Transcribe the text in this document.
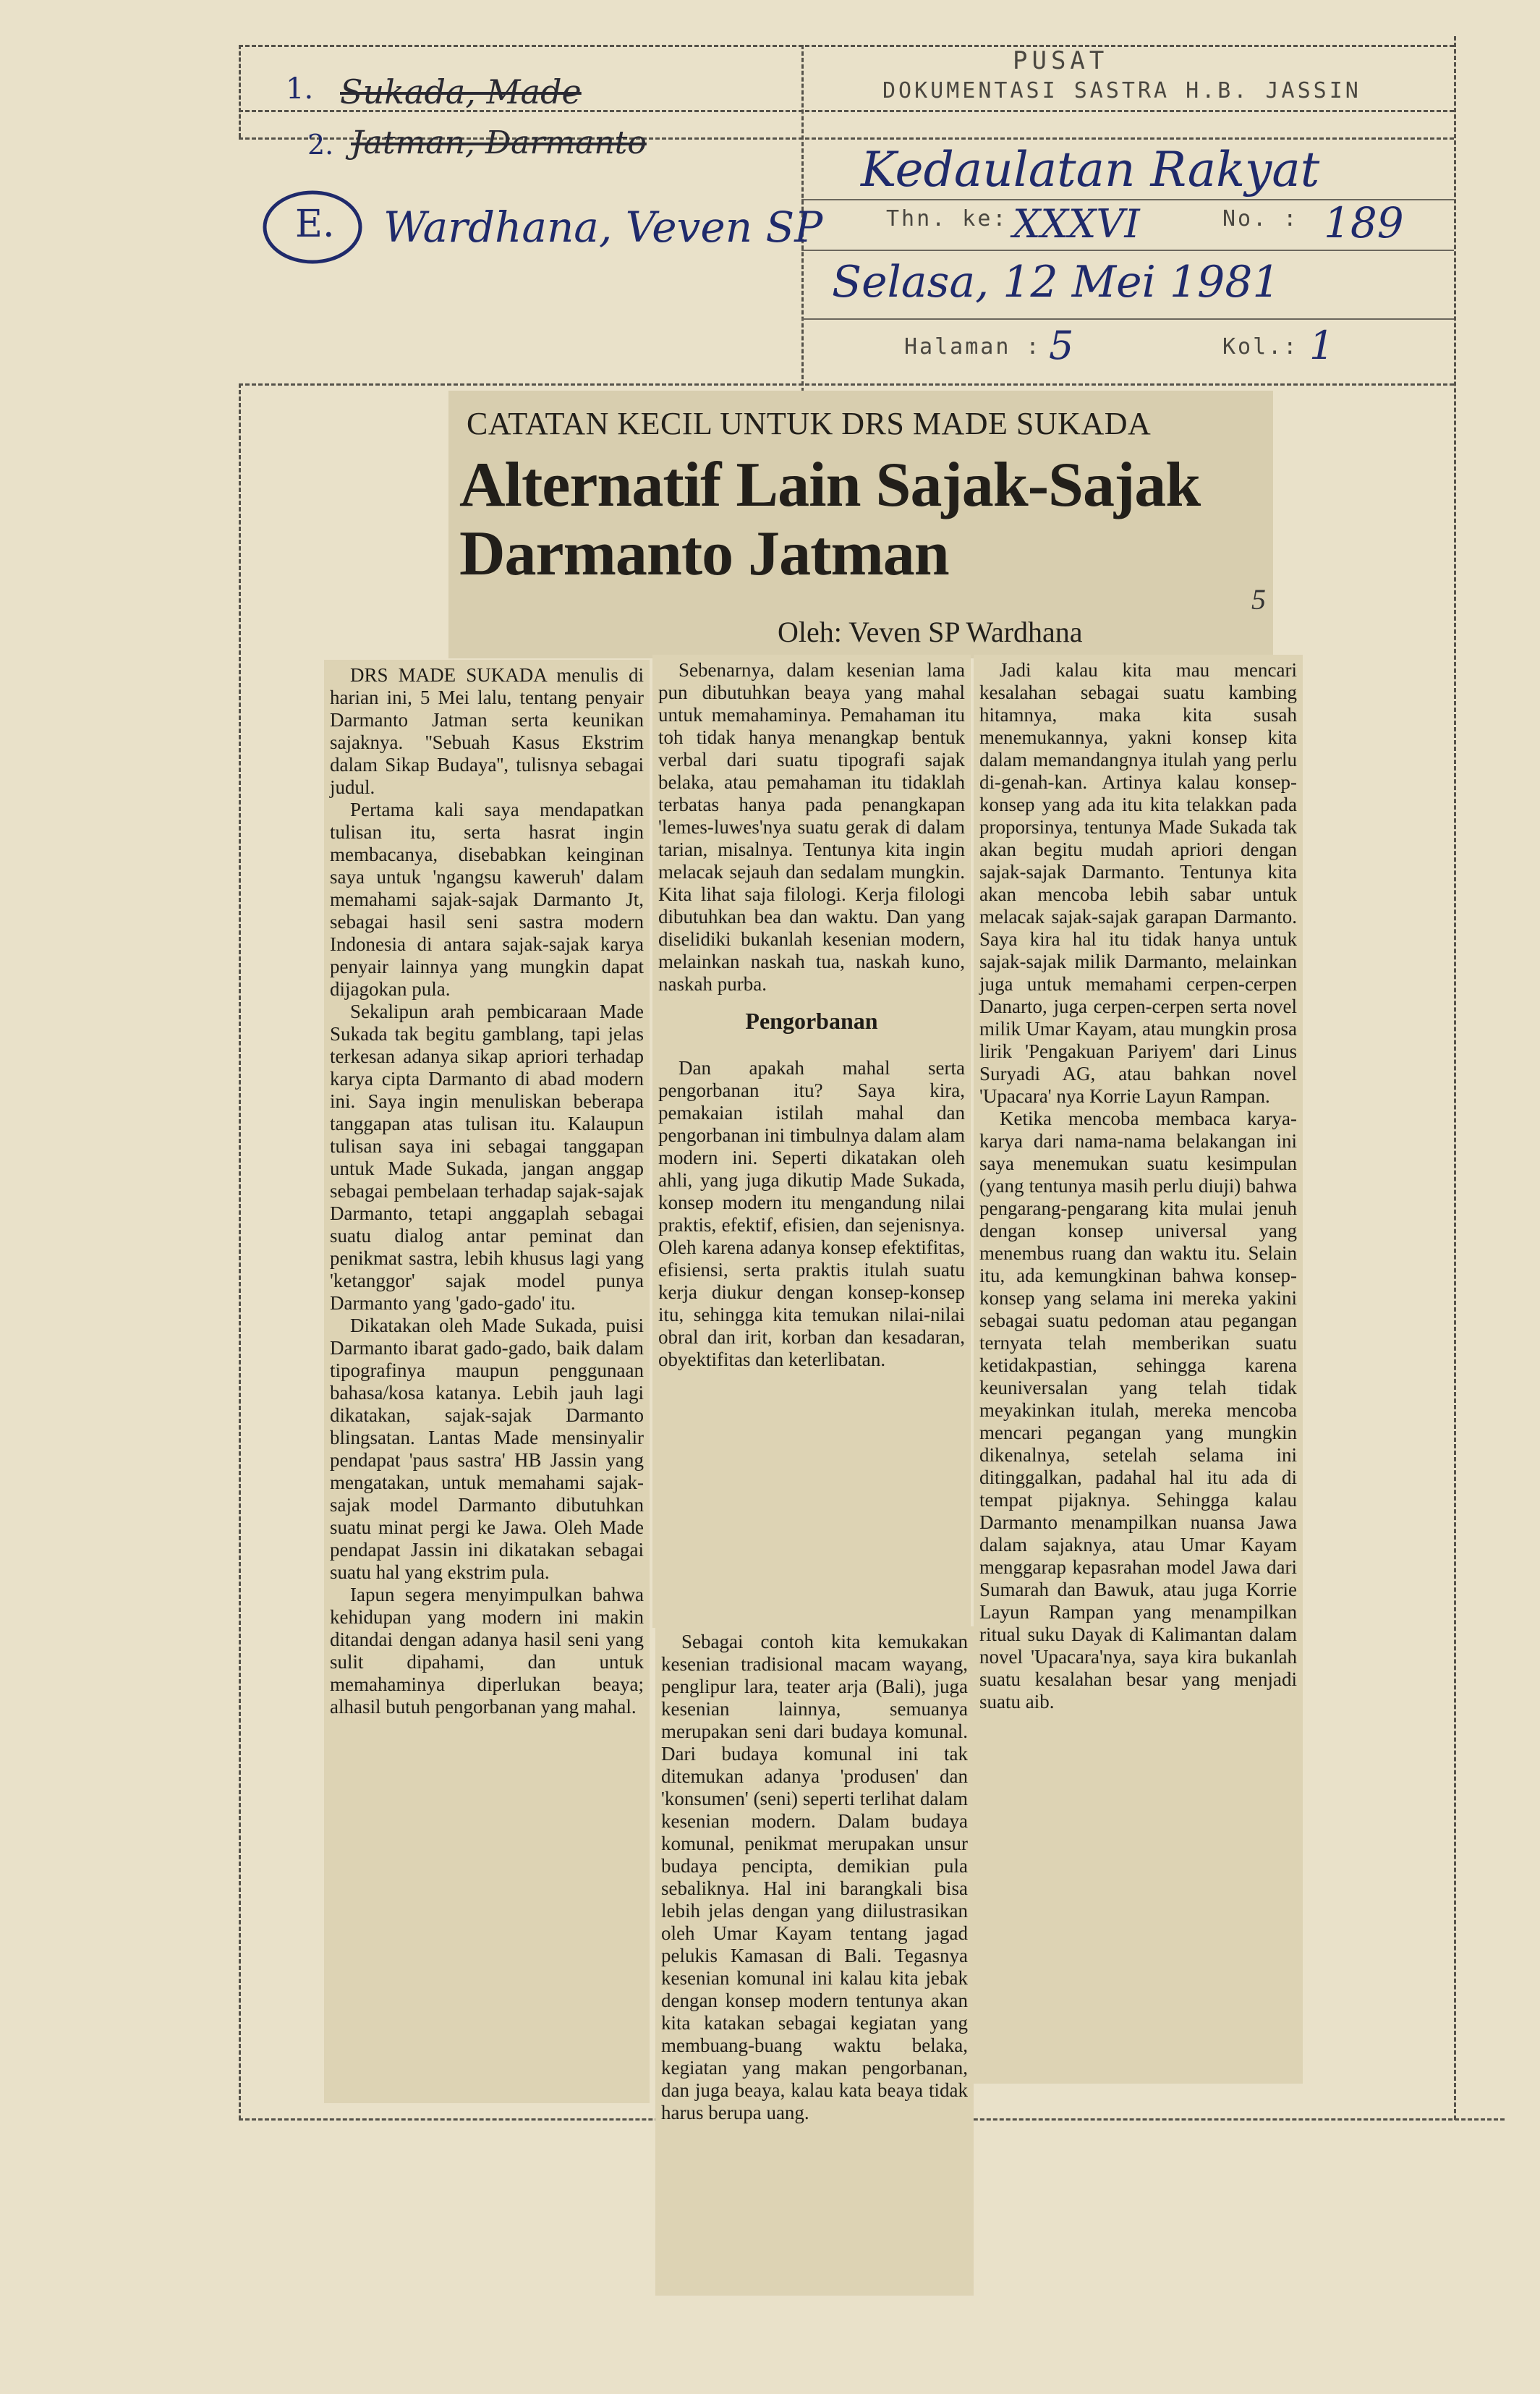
PUSAT
DOKUMENTASI SASTRA H.B. JASSIN
Kedaulatan Rakyat
Thn. ke: XXXVI	No. : 189
Selasa, 12 Mei 1981
Halaman : 5	Kol.: 1
1. Sukada, Made
2. Jatman, Darmanto
E. Wardhana, Veven SP
CATATAN KECIL UNTUK DRS MADE SUKADA
Alternatif Lain Sajak-Sajak
Darmanto Jatman
Oleh: Veven SP Wardhana
5

DRS MADE SUKADA menulis di harian ini, 5 Mei lalu, tentang penyair Darmanto Jatman serta keunikan sajaknya. ''Sebuah Kasus Ekstrim dalam Sikap Budaya'', tulisnya sebagai judul.

Pertama kali saya mendapatkan tulisan itu, serta hasrat ingin membacanya, disebabkan keinginan saya untuk 'ngangsu kaweruh' dalam memahami sajak-sajak Darmanto Jt, sebagai hasil seni sastra modern Indonesia di antara sajak-sajak karya penyair lainnya yang mungkin dapat dijagokan pula.

Sekalipun arah pembicaraan Made Sukada tak begitu gamblang, tapi jelas terkesan adanya sikap apriori terhadap karya cipta Darmanto di abad modern ini. Saya ingin menuliskan beberapa tanggapan atas tulisan itu. Kalaupun tulisan saya ini sebagai tanggapan untuk Made Sukada, jangan anggap sebagai pembelaan terhadap sajak-sajak Darmanto, tetapi anggaplah sebagai suatu dialog antar peminat dan penikmat sastra, lebih khusus lagi yang 'ketanggor' sajak model punya Darmanto yang 'gado-gado' itu.

Dikatakan oleh Made Sukada, puisi Darmanto ibarat gado-gado, baik dalam tipografinya maupun penggunaan bahasa/kosa katanya. Lebih jauh lagi dikatakan, sajak-sajak Darmanto blingsatan. Lantas Made mensinyalir pendapat 'paus sastra' HB Jassin yang mengatakan, untuk memahami sajak-sajak model Darmanto dibutuhkan suatu minat pergi ke Jawa. Oleh Made pendapat Jassin ini dikatakan sebagai suatu hal yang ekstrim pula.

Iapun segera menyimpulkan bahwa kehidupan yang modern ini makin ditandai dengan adanya hasil seni yang sulit dipahami, dan untuk memahaminya diperlukan beaya; alhasil butuh pengorbanan yang mahal.

Sebenarnya, dalam kesenian lama pun dibutuhkan beaya yang mahal untuk memahaminya. Pemahaman itu toh tidak hanya menangkap bentuk verbal dari suatu tipografi sajak belaka, atau pemahaman itu tidaklah terbatas hanya pada penangkapan 'lemes-luwes'nya suatu gerak di dalam tarian, misalnya. Tentunya kita ingin melacak sejauh dan sedalam mungkin. Kita lihat saja filologi. Kerja filologi dibutuhkan bea dan waktu. Dan yang diselidiki bukanlah kesenian modern, melainkan naskah tua, naskah kuno, naskah purba.

Pengorbanan

Dan apakah mahal serta pengorbanan itu? Saya kira, pemakaian istilah mahal dan pengorbanan ini timbulnya dalam alam modern ini. Seperti dikatakan oleh ahli, yang juga dikutip Made Sukada, konsep modern itu mengandung nilai praktis, efektif, efisien, dan sejenisnya. Oleh karena adanya konsep efektifitas, efisiensi, serta praktis itulah suatu kerja diukur dengan konsep-konsep itu, sehingga kita temukan nilai-nilai obral dan irit, korban dan kesadaran, obyektifitas dan keterlibatan.

Sebagai contoh kita kemukakan kesenian tradisional macam wayang, penglipur lara, teater arja (Bali), juga kesenian lainnya, semuanya merupakan seni dari budaya komunal. Dari budaya komunal ini tak ditemukan adanya 'produsen' dan 'konsumen' (seni) seperti terlihat dalam kesenian modern. Dalam budaya komunal, penikmat merupakan unsur budaya pencipta, demikian pula sebaliknya. Hal ini barangkali bisa lebih jelas dengan yang diilustrasikan oleh Umar Kayam tentang jagad pelukis Kamasan di Bali. Tegasnya kesenian komunal ini kalau kita jebak dengan konsep modern tentunya akan kita katakan sebagai kegiatan yang membuang-buang waktu belaka, kegiatan yang makan pengorbanan, dan juga beaya, kalau kata beaya tidak harus berupa uang.

Jadi kalau kita mau mencari kesalahan sebagai suatu kambing hitamnya, maka kita susah menemukannya, yakni konsep kita dalam memandangnya itulah yang perlu di-genah-kan. Artinya kalau konsep-konsep yang ada itu kita telakkan pada proporsinya, tentunya Made Sukada tak akan begitu mudah apriori dengan sajak-sajak Darmanto. Tentunya kita akan mencoba lebih sabar untuk melacak sajak-sajak garapan Darmanto. Saya kira hal itu tidak hanya untuk sajak-sajak milik Darmanto, melainkan juga untuk memahami cerpen-cerpen Danarto, juga cerpen-cerpen serta novel milik Umar Kayam, atau mungkin prosa lirik 'Pengakuan Pariyem' dari Linus Suryadi AG, atau bahkan novel 'Upacara' nya Korrie Layun Rampan.

Ketika mencoba membaca karya-karya dari nama-nama belakangan ini saya menemukan suatu kesimpulan (yang tentunya masih perlu diuji) bahwa pengarang-pengarang kita mulai jenuh dengan konsep universal yang menembus ruang dan waktu itu. Selain itu, ada kemungkinan bahwa konsep-konsep yang selama ini mereka yakini sebagai suatu pedoman atau pegangan ternyata telah memberikan suatu ketidakpastian, sehingga karena keuniversalan yang telah tidak meyakinkan itulah, mereka mencoba mencari pegangan yang mungkin dikenalnya, setelah selama ini ditinggalkan, padahal hal itu ada di tempat pijaknya. Sehingga kalau Darmanto menampilkan nuansa Jawa dalam sajaknya, atau Umar Kayam menggarap kepasrahan model Jawa dari Sumarah dan Bawuk, atau juga Korrie Layun Rampan yang menampilkan ritual suku Dayak di Kalimantan dalam novel 'Upacara'nya, saya kira bukanlah suatu kesalahan besar yang menjadi suatu aib.
